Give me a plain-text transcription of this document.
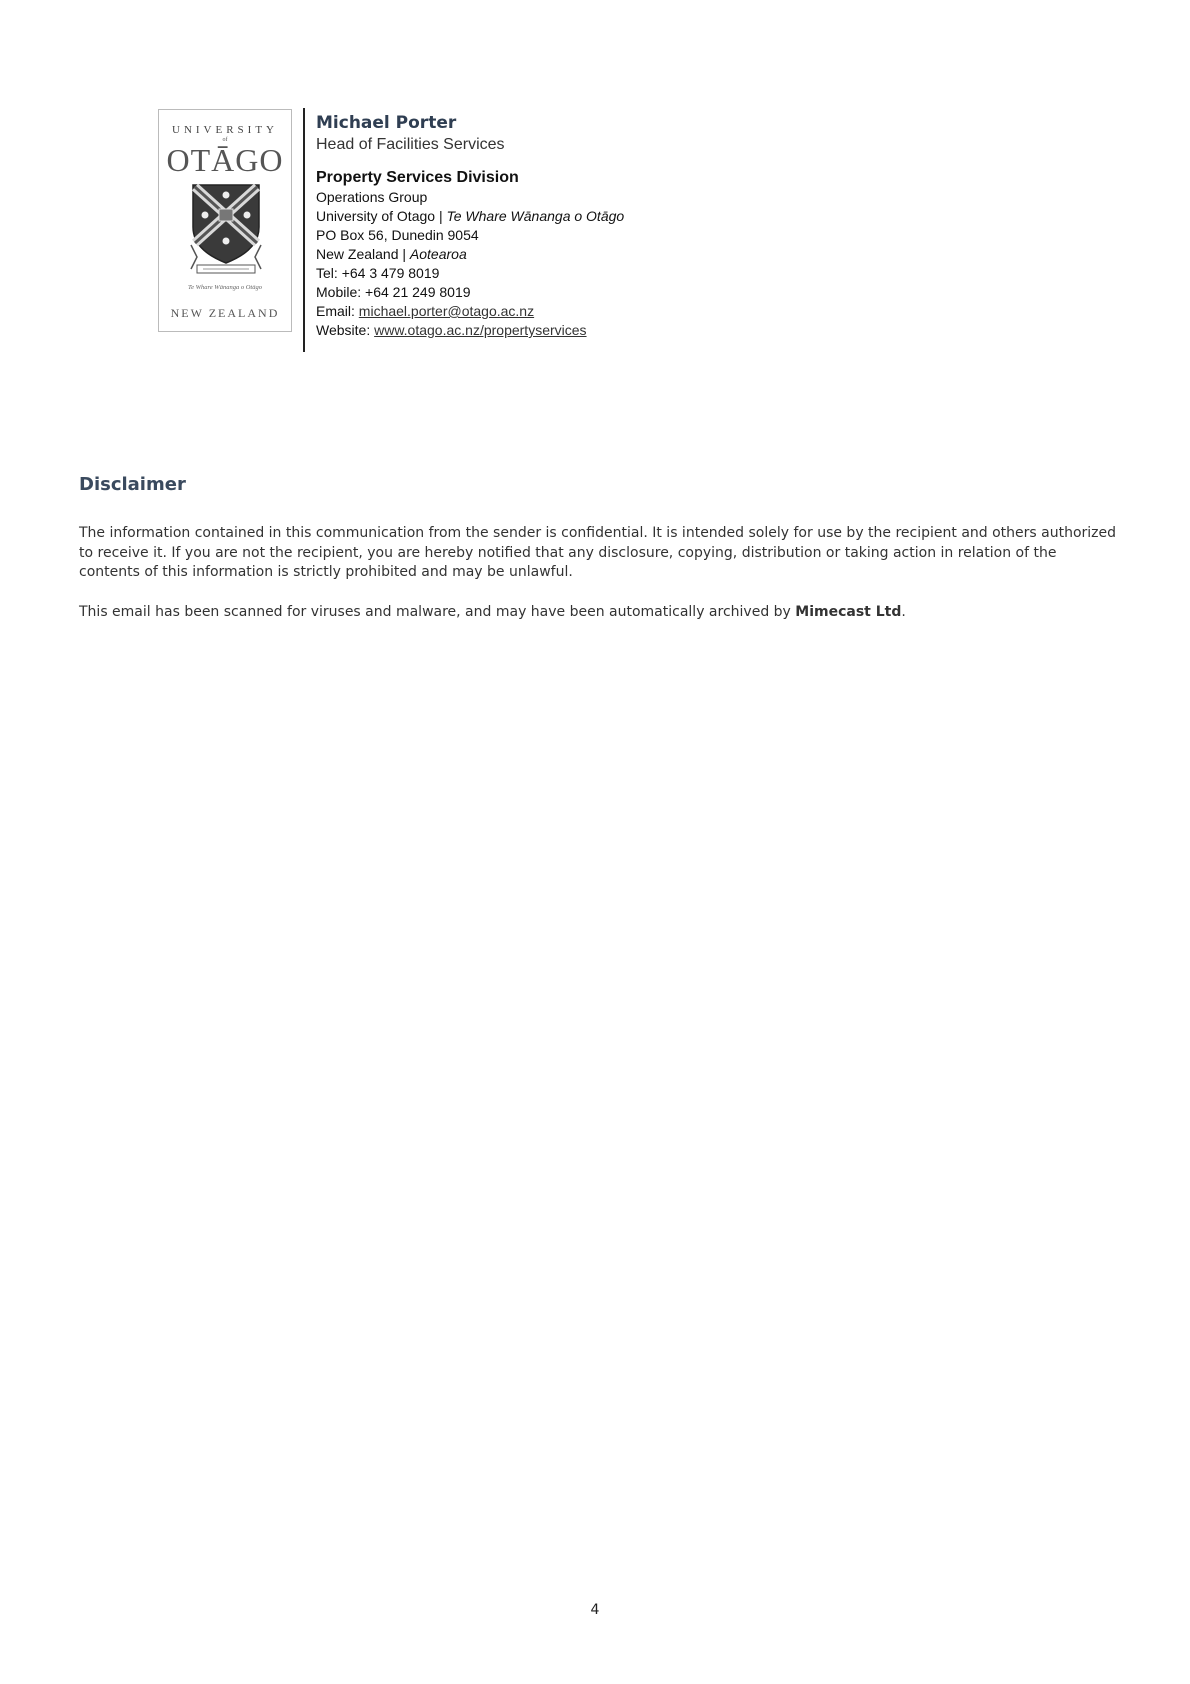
UNIVERSITY
of
OTĀGO
Te Whare Wānanga o Otāgo
NEW ZEALAND
Michael Porter
Head of Facilities Services
Property Services Division
Operations Group
University of Otago | Te Whare Wānanga o Otāgo
PO Box 56, Dunedin 9054
New Zealand | Aotearoa
Tel: +64 3 479 8019
Mobile: +64 21 249 8019
Email: michael.porter@otago.ac.nz
Website: www.otago.ac.nz/propertyservices
Disclaimer

The information contained in this communication from the sender is confidential. It is intended solely for use by the recipient and others authorized to receive it. If you are not the recipient, you are hereby notified that any disclosure, copying, distribution or taking action in relation of the contents of this information is strictly prohibited and may be unlawful.

This email has been scanned for viruses and malware, and may have been automatically archived by Mimecast Ltd.

4
